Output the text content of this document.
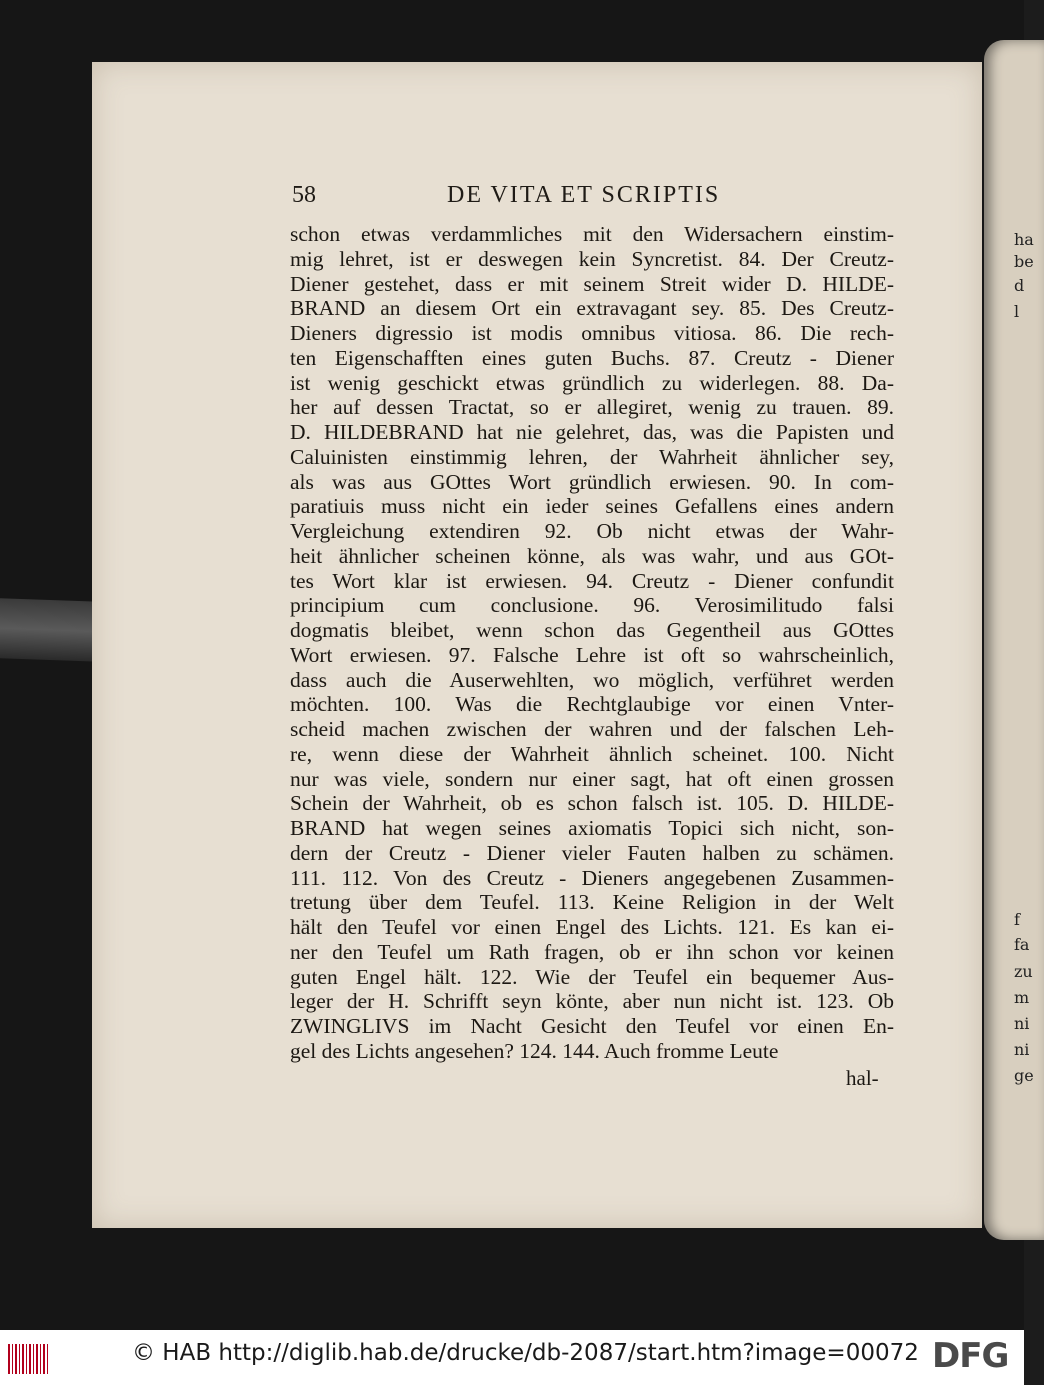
ha
be
d
l
f
fa
zu
m
ni
ni
ge
58	DE VITA ET SCRIPTIS
schon etwas verdammliches mit den Widersachern einstim-
mig lehret, ist er deswegen kein Syncretist. 84. Der Creutz-
Diener gestehet, dass er mit seinem Streit wider D. HILDE-
BRAND an diesem Ort ein extravagant sey. 85. Des Creutz-
Dieners digressio ist modis omnibus vitiosa. 86. Die rech-
ten Eigenschafften eines guten Buchs. 87. Creutz - Diener
ist wenig geschickt etwas gründlich zu widerlegen. 88. Da-
her auf dessen Tractat, so er allegiret, wenig zu trauen. 89.
D. HILDEBRAND hat nie gelehret, das, was die Papisten und
Caluinisten einstimmig lehren, der Wahrheit ähnlicher sey,
als was aus GOttes Wort gründlich erwiesen. 90. In com-
paratiuis muss nicht ein ieder seines Gefallens eines andern
Vergleichung extendiren 92. Ob nicht etwas der Wahr-
heit ähnlicher scheinen könne, als was wahr, und aus GOt-
tes Wort klar ist erwiesen. 94. Creutz - Diener confundit
principium cum conclusione. 96. Verosimilitudo falsi
dogmatis bleibet, wenn schon das Gegentheil aus GOttes
Wort erwiesen. 97. Falsche Lehre ist oft so wahrscheinlich,
dass auch die Auserwehlten, wo möglich, verführet werden
möchten. 100. Was die Rechtglaubige vor einen Vnter-
scheid machen zwischen der wahren und der falschen Leh-
re, wenn diese der Wahrheit ähnlich scheinet. 100. Nicht
nur was viele, sondern nur einer sagt, hat oft einen grossen
Schein der Wahrheit, ob es schon falsch ist. 105. D. HILDE-
BRAND hat wegen seines axiomatis Topici sich nicht, son-
dern der Creutz - Diener vieler Fauten halben zu schämen.
111. 112. Von des Creutz - Dieners angegebenen Zusammen-
tretung über dem Teufel. 113. Keine Religion in der Welt
hält den Teufel vor einen Engel des Lichts. 121. Es kan ei-
ner den Teufel um Rath fragen, ob er ihn schon vor keinen
guten Engel hält. 122. Wie der Teufel ein bequemer Aus-
leger der H. Schrifft seyn könte, aber nun nicht ist. 123. Ob
ZWINGLIVS im Nacht Gesicht den Teufel vor einen En-
gel des Lichts angesehen? 124. 144. Auch fromme Leute
hal-
© HAB http://diglib.hab.de/drucke/db-2087/start.htm?image=00072 DFG
